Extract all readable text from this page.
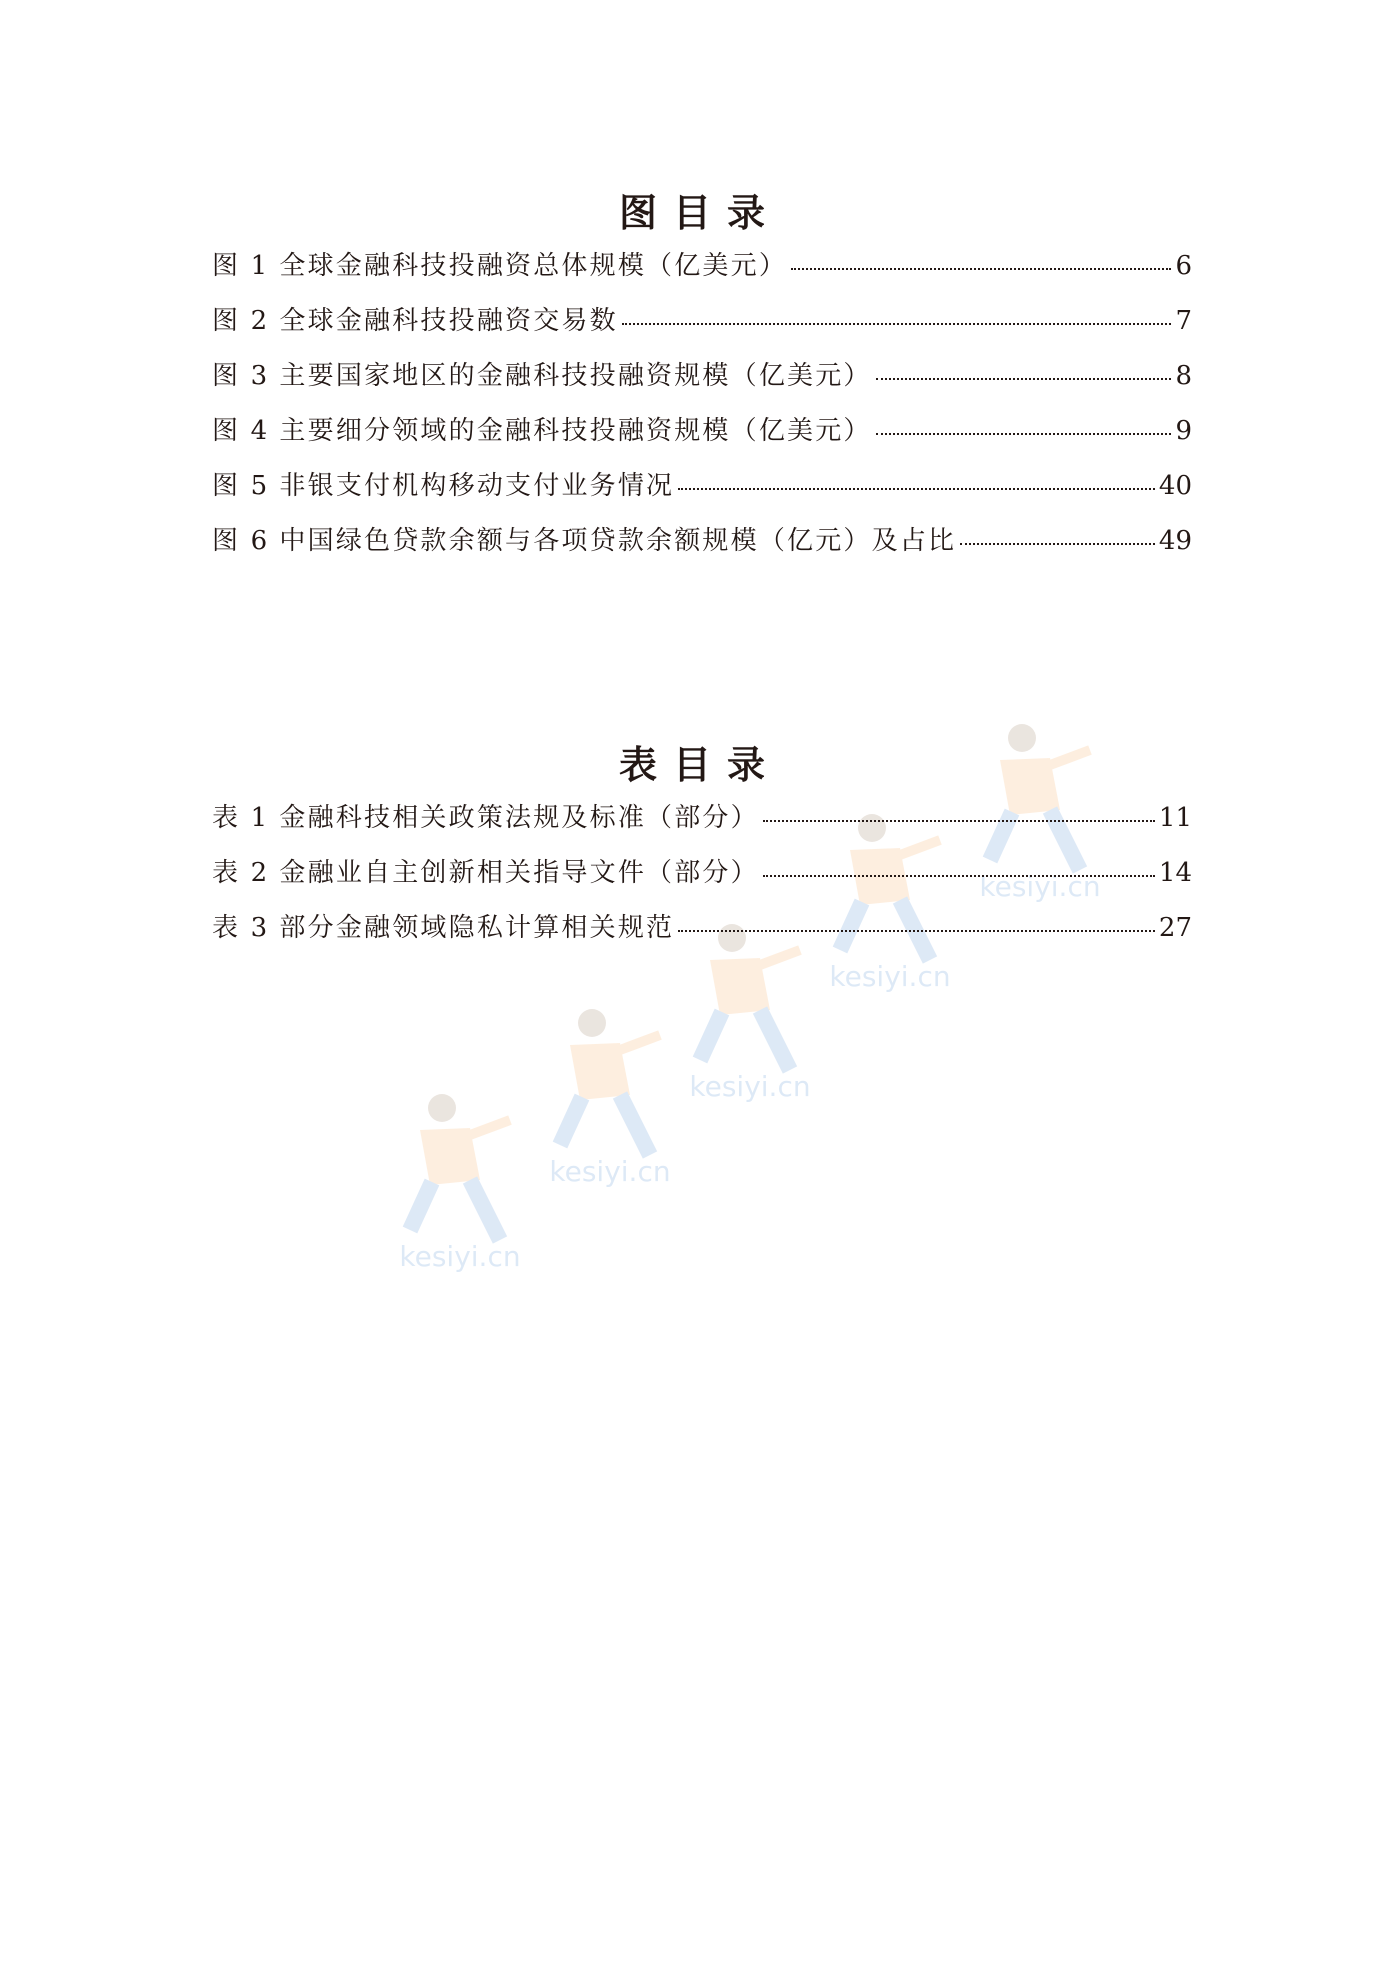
kesiyi.cn
kesiyi.cn
kesiyi.cn
kesiyi.cn
kesiyi.cn
图目录
图 1 全球金融科技投融资总体规模（亿美元）	6
图 2 全球金融科技投融资交易数	7
图 3 主要国家地区的金融科技投融资规模（亿美元）	8
图 4 主要细分领域的金融科技投融资规模（亿美元）	9
图 5 非银支付机构移动支付业务情况	40
图 6 中国绿色贷款余额与各项贷款余额规模（亿元）及占比	49
表目录
表 1 金融科技相关政策法规及标准（部分）	11
表 2 金融业自主创新相关指导文件（部分）	14
表 3 部分金融领域隐私计算相关规范	27
